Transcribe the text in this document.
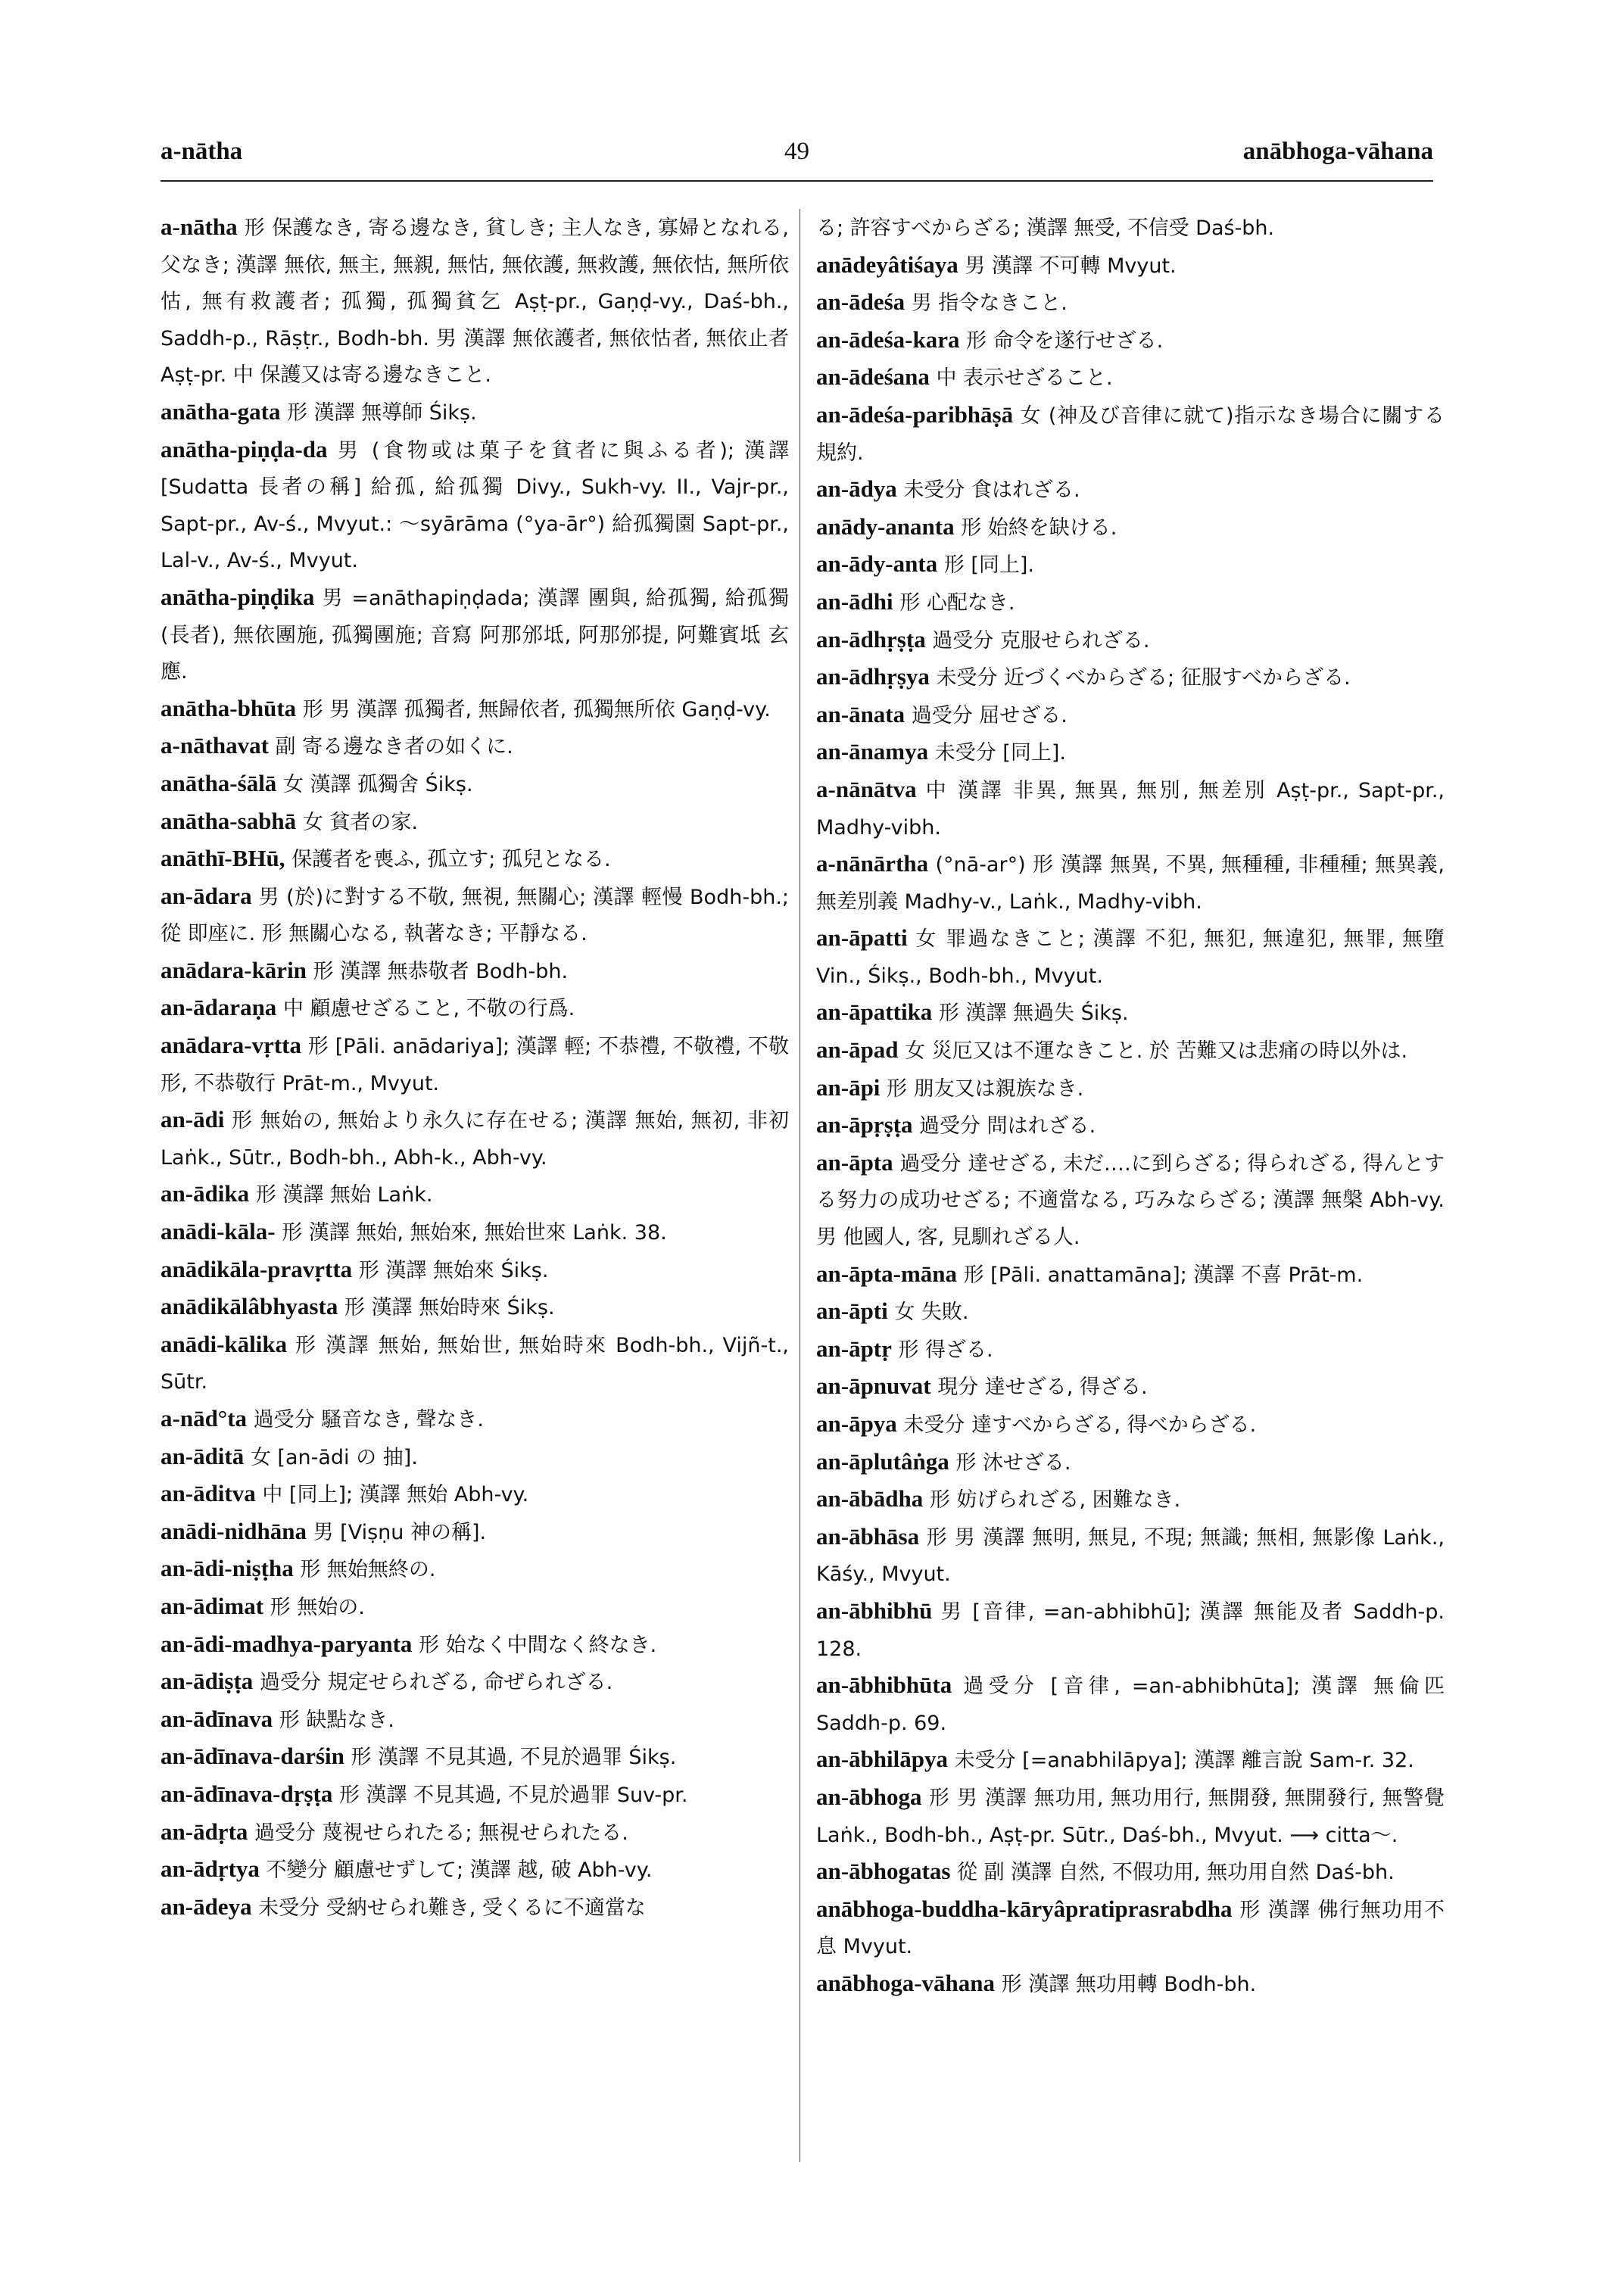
a-nātha	49	anābhoga-vāhana

a-nātha 形 保護なき, 寄る邊なき, 貧しき; 主人なき, 寡婦となれる, 父なき; 漢譯 無依, 無主, 無親, 無怙, 無依護, 無救護, 無依怙, 無所依怙, 無有救護者; 孤獨, 孤獨貧乞 Aṣṭ-pr., Gaṇḍ-vy., Daś-bh., Saddh-p., Rāṣṭr., Bodh-bh. 男 漢譯 無依護者, 無依怙者, 無依止者 Aṣṭ-pr. 中 保護又は寄る邊なきこと.

anātha-gata 形 漢譯 無導師 Śikṣ.

anātha-piṇḍa-da 男 (食物或は菓子を貧者に與ふる者); 漢譯 [Sudatta 長者の稱] 給孤, 給孤獨 Divy., Sukh-vy. II., Vajr-pr., Sapt-pr., Av-ś., Mvyut.: 〜syārāma (°ya-ār°) 給孤獨園 Sapt-pr., Lal-v., Av-ś., Mvyut.

anātha-piṇḍika 男 =anāthapiṇḍada; 漢譯 團與, 給孤獨, 給孤獨(長者), 無依團施, 孤獨團施; 音寫 阿那邠坻, 阿那邠提, 阿難賓坻 玄應.

anātha-bhūta 形 男 漢譯 孤獨者, 無歸依者, 孤獨無所依 Gaṇḍ-vy.

a-nāthavat 副 寄る邊なき者の如くに.

anātha-śālā 女 漢譯 孤獨舍 Śikṣ.

anātha-sabhā 女 貧者の家.

anāthī-BHū, 保護者を喪ふ, 孤立す; 孤兒となる.

an-ādara 男 (於)に對する不敬, 無視, 無關心; 漢譯 輕慢 Bodh-bh.; 從 即座に. 形 無關心なる, 執著なき; 平靜なる.

anādara-kārin 形 漢譯 無恭敬者 Bodh-bh.

an-ādaraṇa 中 顧慮せざること, 不敬の行爲.

anādara-vṛtta 形 [Pāli. anādariya]; 漢譯 輕; 不恭禮, 不敬禮, 不敬形, 不恭敬行 Prāt-m., Mvyut.

an-ādi 形 無始の, 無始より永久に存在せる; 漢譯 無始, 無初, 非初 Laṅk., Sūtr., Bodh-bh., Abh-k., Abh-vy.

an-ādika 形 漢譯 無始 Laṅk.

anādi-kāla- 形 漢譯 無始, 無始來, 無始世來 Laṅk. 38.

anādikāla-pravṛtta 形 漢譯 無始來 Śikṣ.

anādikālâbhyasta 形 漢譯 無始時來 Śikṣ.

anādi-kālika 形 漢譯 無始, 無始世, 無始時來 Bodh-bh., Vijñ-t., Sūtr.

a-nād°ta 過受分 騷音なき, 聲なき.

an-āditā 女 [an-ādi の 抽].

an-āditva 中 [同上]; 漢譯 無始 Abh-vy.

anādi-nidhāna 男 [Viṣṇu 神の稱].

an-ādi-niṣṭha 形 無始無終の.

an-ādimat 形 無始の.

an-ādi-madhya-paryanta 形 始なく中間なく終なき.

an-ādiṣṭa 過受分 規定せられざる, 命ぜられざる.

an-ādīnava 形 缺點なき.

an-ādīnava-darśin 形 漢譯 不見其過, 不見於過罪 Śikṣ.

an-ādīnava-dṛṣṭa 形 漢譯 不見其過, 不見於過罪 Suv-pr.

an-ādṛta 過受分 蔑視せられたる; 無視せられたる.

an-ādṛtya 不變分 顧慮せずして; 漢譯 越, 破 Abh-vy.

an-ādeya 未受分 受納せられ難き, 受くるに不適當な

る; 許容すべからざる; 漢譯 無受, 不信受 Daś-bh.

anādeyâtiśaya 男 漢譯 不可轉 Mvyut.

an-ādeśa 男 指令なきこと.

an-ādeśa-kara 形 命令を遂行せざる.

an-ādeśana 中 表示せざること.

an-ādeśa-paribhāṣā 女 (神及び音律に就て)指示なき場合に關する規約.

an-ādya 未受分 食はれざる.

anādy-ananta 形 始終を缺ける.

an-ādy-anta 形 [同上].

an-ādhi 形 心配なき.

an-ādhṛṣṭa 過受分 克服せられざる.

an-ādhṛṣya 未受分 近づくべからざる; 征服すべからざる.

an-ānata 過受分 屈せざる.

an-ānamya 未受分 [同上].

a-nānātva 中 漢譯 非異, 無異, 無別, 無差別 Aṣṭ-pr., Sapt-pr., Madhy-vibh.

a-nānārtha (°nā-ar°) 形 漢譯 無異, 不異, 無種種, 非種種; 無異義, 無差別義 Madhy-v., Laṅk., Madhy-vibh.

an-āpatti 女 罪過なきこと; 漢譯 不犯, 無犯, 無違犯, 無罪, 無墮 Vin., Śikṣ., Bodh-bh., Mvyut.

an-āpattika 形 漢譯 無過失 Śikṣ.

an-āpad 女 災厄又は不運なきこと. 於 苦難又は悲痛の時以外は.

an-āpi 形 朋友又は親族なき.

an-āpṛṣṭa 過受分 問はれざる.

an-āpta 過受分 達せざる, 未だ‥‥に到らざる; 得られざる, 得んとする努力の成功せざる; 不適當なる, 巧みならざる; 漢譯 無槃 Abh-vy. 男 他國人, 客, 見馴れざる人.

an-āpta-māna 形 [Pāli. anattamāna]; 漢譯 不喜 Prāt-m.

an-āpti 女 失敗.

an-āptṛ 形 得ざる.

an-āpnuvat 現分 達せざる, 得ざる.

an-āpya 未受分 達すべからざる, 得べからざる.

an-āplutâṅga 形 沐せざる.

an-ābādha 形 妨げられざる, 困難なき.

an-ābhāsa 形 男 漢譯 無明, 無見, 不現; 無識; 無相, 無影像 Laṅk., Kāśy., Mvyut.

an-ābhibhū 男 [音律, =an-abhibhū]; 漢譯 無能及者 Saddh-p. 128.

an-ābhibhūta 過受分 [音律, =an-abhibhūta]; 漢譯 無倫匹 Saddh-p. 69.

an-ābhilāpya 未受分 [=anabhilāpya]; 漢譯 離言說 Sam-r. 32.

an-ābhoga 形 男 漢譯 無功用, 無功用行, 無開發, 無開發行, 無警覺 Laṅk., Bodh-bh., Aṣṭ-pr. Sūtr., Daś-bh., Mvyut. ⟶ citta〜.

an-ābhogatas 從 副 漢譯 自然, 不假功用, 無功用自然 Daś-bh.

anābhoga-buddha-kāryâpratiprasrabdha 形 漢譯 佛行無功用不息 Mvyut.

anābhoga-vāhana 形 漢譯 無功用轉 Bodh-bh.
